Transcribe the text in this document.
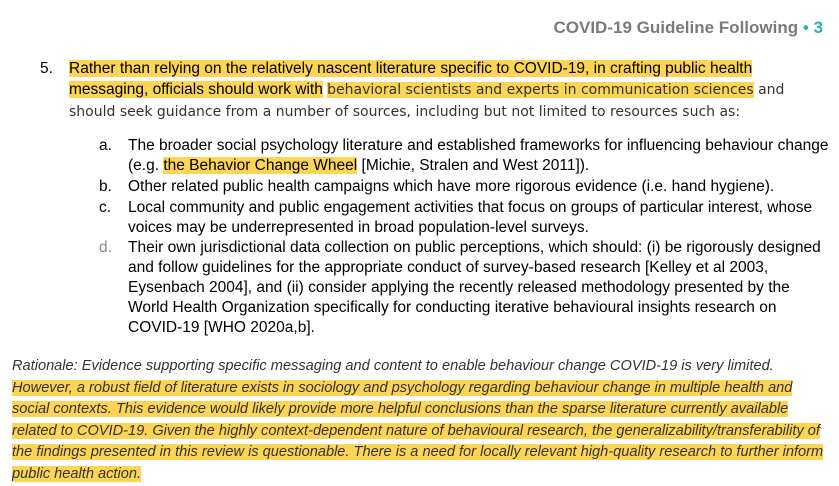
COVID-19 Guideline Following • 3
5. Rather than relying on the relatively nascent literature specific to COVID-19, in crafting public health messaging, officials should work with behavioral scientists and experts in communication sciences and should seek guidance from a number of sources, including but not limited to resources such as:
a.	The broader social psychology literature and established frameworks for influencing behaviour change (e.g. the Behavior Change Wheel [Michie, Stralen and West 2011]).
b.	Other related public health campaigns which have more rigorous evidence (i.e. hand hygiene).
c.	Local community and public engagement activities that focus on groups of particular interest, whose voices may be underrepresented in broad population-level surveys.
d.	Their own jurisdictional data collection on public perceptions, which should: (i) be rigorously designed and follow guidelines for the appropriate conduct of survey-based research [Kelley et al 2003, Eysenbach 2004], and (ii) consider applying the recently released methodology presented by the World Health Organization specifically for conducting iterative behavioural insights research on COVID-19 [WHO 2020a,b].
Rationale: Evidence supporting specific messaging and content to enable behaviour change COVID-19 is very limited. However, a robust field of literature exists in sociology and psychology regarding behaviour change in multiple health and social contexts. This evidence would likely provide more helpful conclusions than the sparse literature currently available related to COVID-19. Given the highly context-dependent nature of behavioural research, the generalizability/transferability of the findings presented in this review is questionable. There is a need for locally relevant high-quality research to further inform public health action.
